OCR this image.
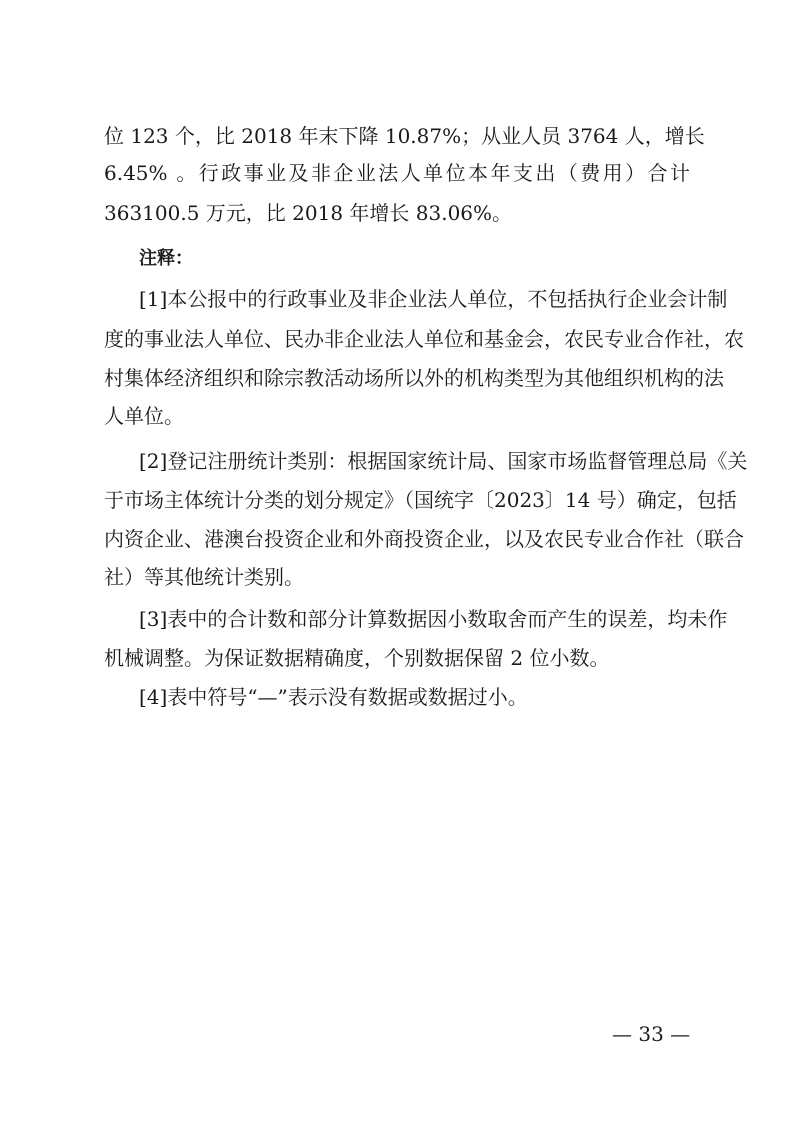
位 123 个，比 2018 年末下降 10.87%；从业人员 3764 人，增长
6.45% 。行政事业及非企业法人单位本年支出（费用）合计
363100.5 万元，比 2018 年增长 83.06%。
注释：
[1]本公报中的行政事业及非企业法人单位，不包括执行企业会计制
度的事业法人单位、民办非企业法人单位和基金会，农民专业合作社，农
村集体经济组织和除宗教活动场所以外的机构类型为其他组织机构的法
人单位。
[2]登记注册统计类别：根据国家统计局、国家市场监督管理总局《关
于市场主体统计分类的划分规定》（国统字〔2023〕14 号）确定，包括
内资企业、港澳台投资企业和外商投资企业，以及农民专业合作社（联合
社）等其他统计类别。
[3]表中的合计数和部分计算数据因小数取舍而产生的误差，均未作
机械调整。为保证数据精确度，个别数据保留 2 位小数。
[4]表中符号“—”表示没有数据或数据过小。
— 33 —
